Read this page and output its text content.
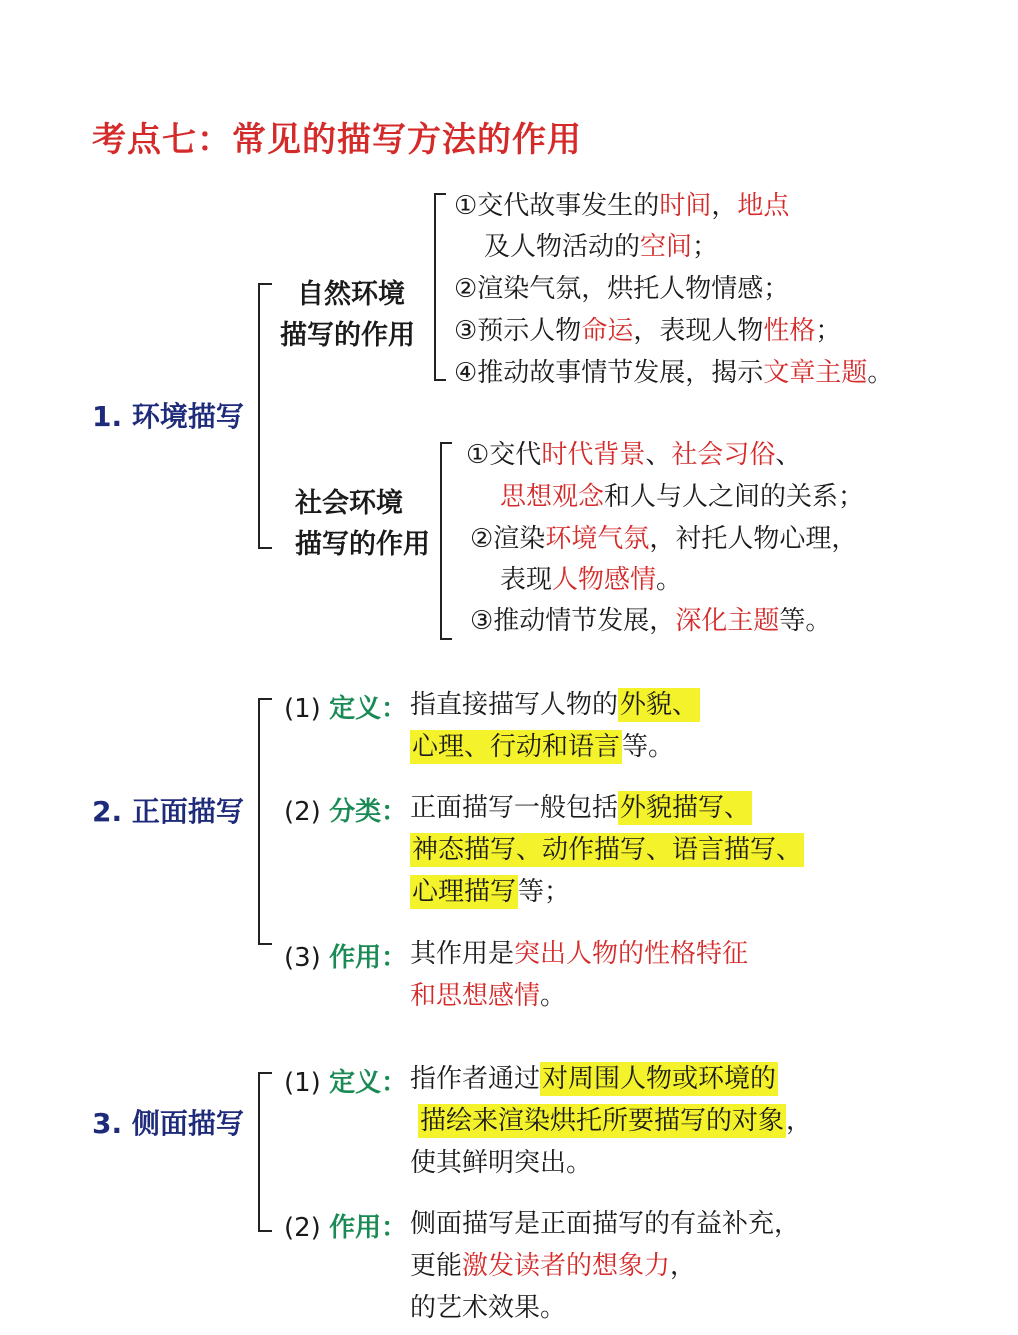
考点七：常见的描写方法的作用
1. 环境描写
自然环境
描写的作用
①交代故事发生的时间，地点
及人物活动的空间；
②渲染气氛，烘托人物情感；
③预示人物命运，表现人物性格；
④推动故事情节发展，揭示文章主题。
社会环境
描写的作用
①交代时代背景、社会习俗、
思想观念和人与人之间的关系；
②渲染环境气氛，衬托人物心理，
表现人物感情。
③推动情节发展，深化主题等。
2. 正面描写
(1) 定义： 指直接描写人物的外貌、
心理、行动和语言等。
(2) 分类： 正面描写一般包括外貌描写、
神态描写、动作描写、语言描写、
心理描写等；
(3) 作用： 其作用是突出人物的性格特征
和思想感情。
3. 侧面描写
(1) 定义： 指作者通过对周围人物或环境的
描绘来渲染烘托所要描写的对象，
使其鲜明突出。
(2) 作用： 侧面描写是正面描写的有益补充，
更能激发读者的想象力，
的艺术效果。
